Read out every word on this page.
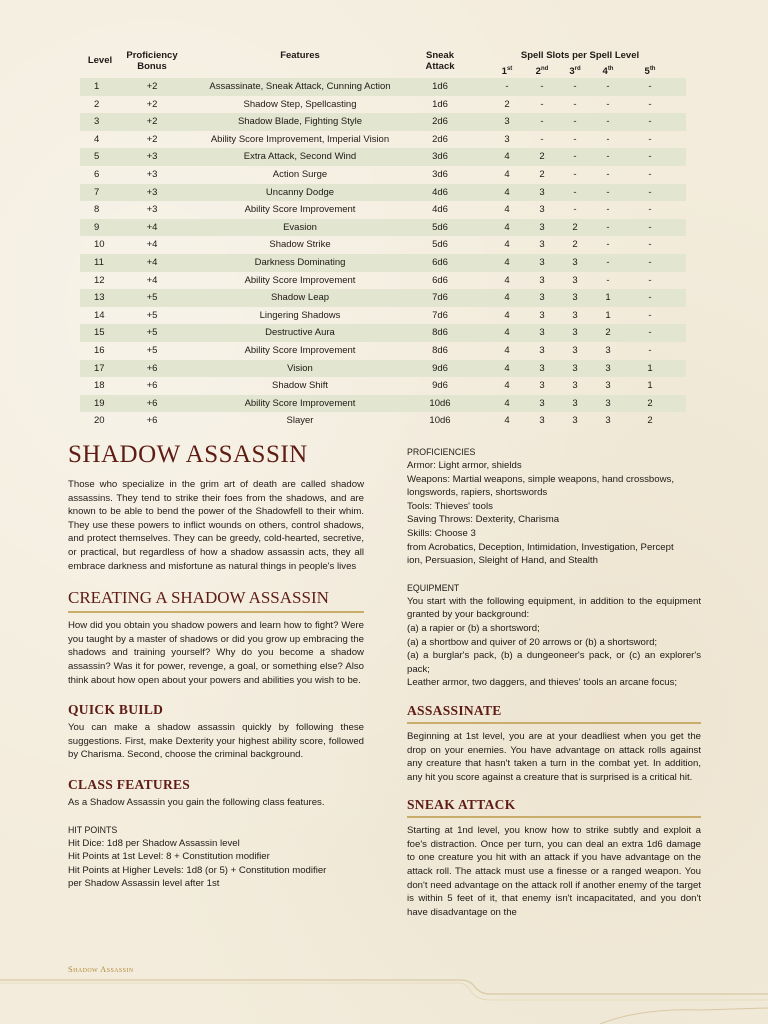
Level	Proficiency
Bonus
Features	Sneak
Attack
Spell Slots per Spell Level
1st	2nd	3rd	4th	5th
1	+2	Assassinate, Sneak Attack, Cunning Action	1d6	-	-	-	-	-
2	+2	Shadow Step, Spellcasting	1d6	2	-	-	-	-
3	+2	Shadow Blade, Fighting Style	2d6	3	-	-	-	-
4	+2	Ability Score Improvement, Imperial Vision	2d6	3	-	-	-	-
5	+3	Extra Attack, Second Wind	3d6	4	2	-	-	-
6	+3	Action Surge	3d6	4	2	-	-	-
7	+3	Uncanny Dodge	4d6	4	3	-	-	-
8	+3	Ability Score Improvement	4d6	4	3	-	-	-
9	+4	Evasion	5d6	4	3	2	-	-
10	+4	Shadow Strike	5d6	4	3	2	-	-
11	+4	Darkness Dominating	6d6	4	3	3	-	-
12	+4	Ability Score Improvement	6d6	4	3	3	-	-
13	+5	Shadow Leap	7d6	4	3	3	1	-
14	+5	Lingering Shadows	7d6	4	3	3	1	-
15	+5	Destructive Aura	8d6	4	3	3	2	-
16	+5	Ability Score Improvement	8d6	4	3	3	3	-
17	+6	Vision	9d6	4	3	3	3	1
18	+6	Shadow Shift	9d6	4	3	3	3	1
19	+6	Ability Score Improvement	10d6	4	3	3	3	2
20	+6	Slayer	10d6	4	3	3	3	2
SHADOW ASSASSIN

Those who specialize in the grim art of death are called shadow assassins. They tend to strike their foes from the shadows, and are known to be able to bend the power of the Shadowfell to their whim. They use these powers to inflict wounds on others, control shadows, and protect themselves. They can be greedy, cold-hearted, secretive, or practical, but regardless of how a shadow assassin acts, they all embrace darkness and misfortune as natural things in people's lives

CREATING A SHADOW ASSASSIN

How did you obtain you shadow powers and learn how to fight? Were you taught by a master of shadows or did you grow up embracing the shadows and training yourself? Why do you become a shadow assassin? Was it for power, revenge, a goal, or something else? Also think about how open about your powers and abilities you wish to be.

QUICK BUILD

You can make a shadow assassin quickly by following these suggestions. First, make Dexterity your highest ability score, followed by Charisma. Second, choose the criminal background.

CLASS FEATURES

As a Shadow Assassin you gain the following class features.

HIT POINTS
Hit Dice: 1d8 per Shadow Assassin level
Hit Points at 1st Level: 8 + Constitution modifier
Hit Points at Higher Levels: 1d8 (or 5) + Constitution modifier
per Shadow Assassin level after 1st
PROFICIENCIES
Armor: Light armor, shields
Weapons: Martial weapons, simple weapons, hand crossbows,
longswords, rapiers, shortswords
Tools: Thieves' tools
Saving Throws: Dexterity, Charisma
Skills: Choose 3
from Acrobatics, Deception, Intimidation, Investigation, Percept
ion, Persuasion, Sleight of Hand, and Stealth
EQUIPMENT

You start with the following equipment, in addition to the equipment granted by your background:

(a) a rapier or (b) a shortsword;
(a) a shortbow and quiver of 20 arrows or (b) a shortsword;
(a) a burglar's pack, (b) a dungeoneer's pack, or (c) an explorer's pack;
Leather armor, two daggers, and thieves' tools an arcane focus;
ASSASSINATE

Beginning at 1st level, you are at your deadliest when you get the drop on your enemies. You have advantage on attack rolls against any creature that hasn't taken a turn in the combat yet. In addition, any hit you score against a creature that is surprised is a critical hit.

SNEAK ATTACK

Starting at 1nd level, you know how to strike subtly and exploit a foe's distraction. Once per turn, you can deal an extra 1d6 damage to one creature you hit with an attack if you have advantage on the attack roll. The attack must use a finesse or a ranged weapon. You don't need advantage on the attack roll if another enemy of the target is within 5 feet of it, that enemy isn't incapacitated, and you don't have disadvantage on the

Shadow Assassin
